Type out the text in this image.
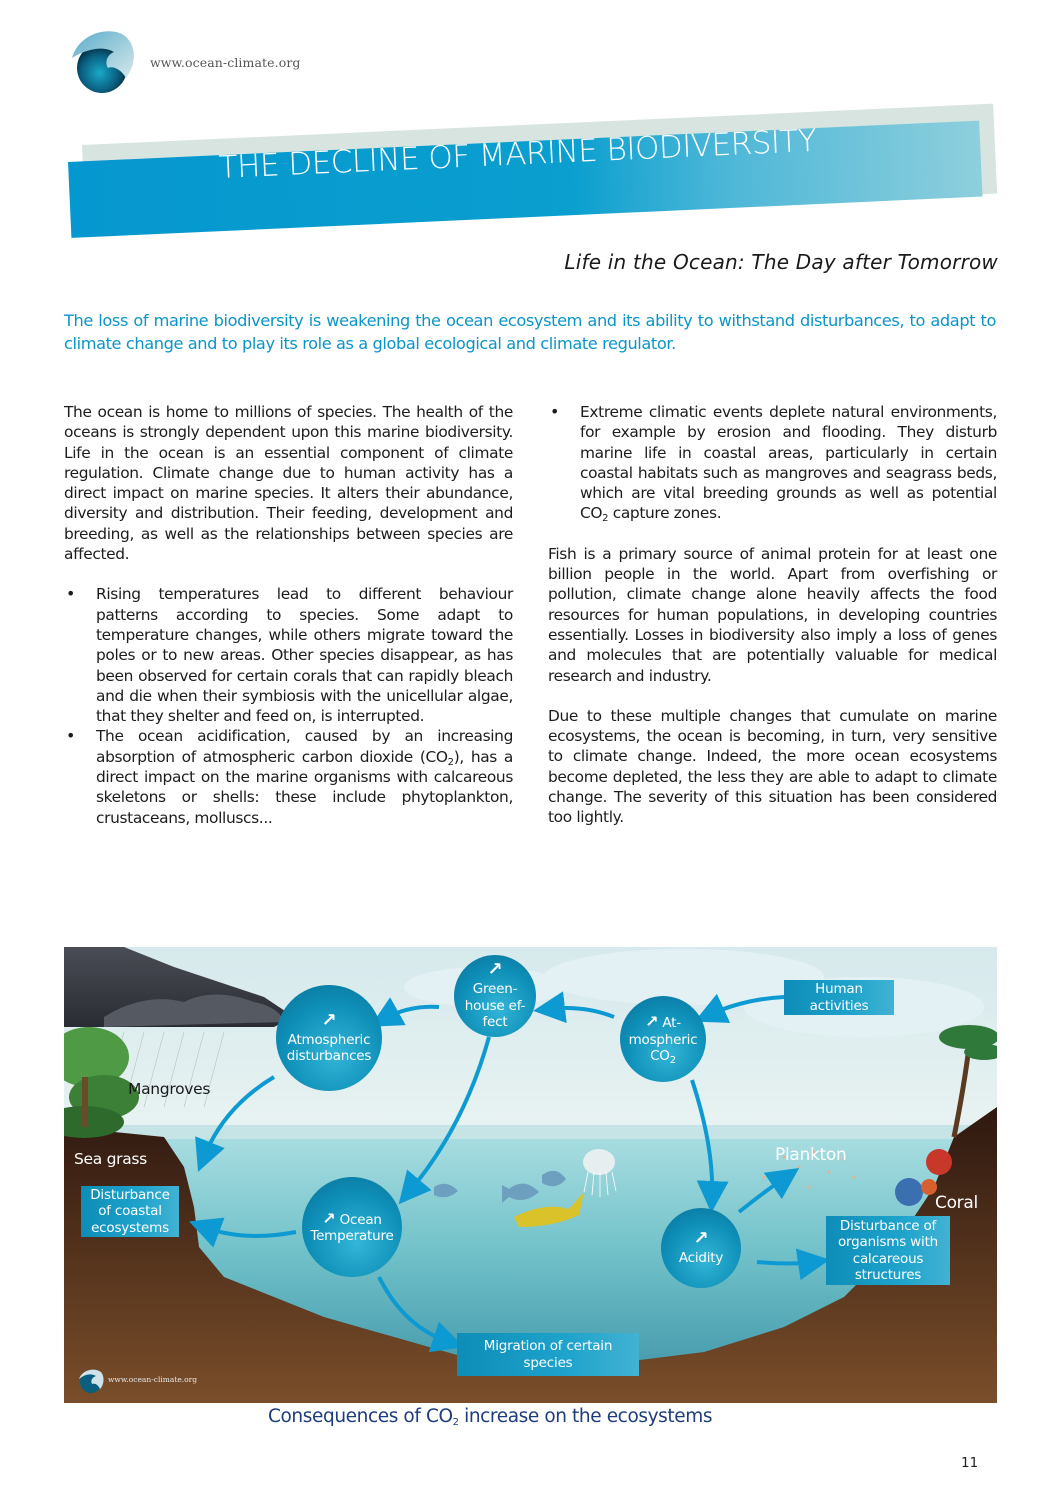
www.ocean-climate.org
THE DECLINE OF MARINE BIODIVERSITY
Life in the Ocean: The Day after Tomorrow
The loss of marine biodiversity is weakening the ocean ecosystem and its ability to withstand disturbances, to adapt to climate change and to play its role as a global ecological and climate regulator.

The ocean is home to millions of species. The health of the oceans is strongly dependent upon this marine biodiversity. Life in the ocean is an essential component of climate regulation. Climate change due to human activity has a direct impact on marine species. It alters their abundance, diversity and distribution. Their feeding, development and breeding, as well as the relationships between species are affected.

• Rising temperatures lead to different behaviour patterns according to species. Some adapt to temperature changes, while others migrate toward the poles or to new areas. Other species disappear, as has been observed for certain corals that can rapidly bleach and die when their symbiosis with the unicellular algae, that they shelter and feed on, is interrupted.
• The ocean acidification, caused by an increasing absorption of atmospheric carbon dioxide $(CO_2)$, has a direct impact on the marine organisms with calcareous skeletons or shells: these include phytoplankton, crustaceans, molluscs...
• Extreme climatic events deplete natural environments, for example by erosion and flooding. They disturb marine life in coastal areas, particularly in certain coastal habitats such as mangroves and seagrass beds, which are vital breeding grounds as well as potential $CO_2$ capture zones.

Fish is a primary source of animal protein for at least one billion people in the world. Apart from overfishing or pollution, climate change alone heavily affects the food resources for human populations, in developing countries essentially. Losses in biodiversity also imply a loss of genes and molecules that are potentially valuable for medical research and industry.

Due to these multiple changes that cumulate on marine ecosystems, the ocean is becoming, in turn, very sensitive to climate change. Indeed, the more ocean ecosystems become depleted, the less they are able to adapt to climate change. The severity of this situation has been considered too lightly.

Mangroves
Sea grass	Plankton
Coral
↗
Green-
house ef-
fect
↗
Atmospheric
disturbances
↗ At-
mospheric
$CO_2$
↗ Ocean
Temperature	↗
Acidity
Human
activities
Disturbance
of coastal
ecosystems	Disturbance of
organisms with
calcareous
structures
Migration of certain
species
www.ocean-climate.org
Consequences of $CO_2$ increase on the ecosystems
11
